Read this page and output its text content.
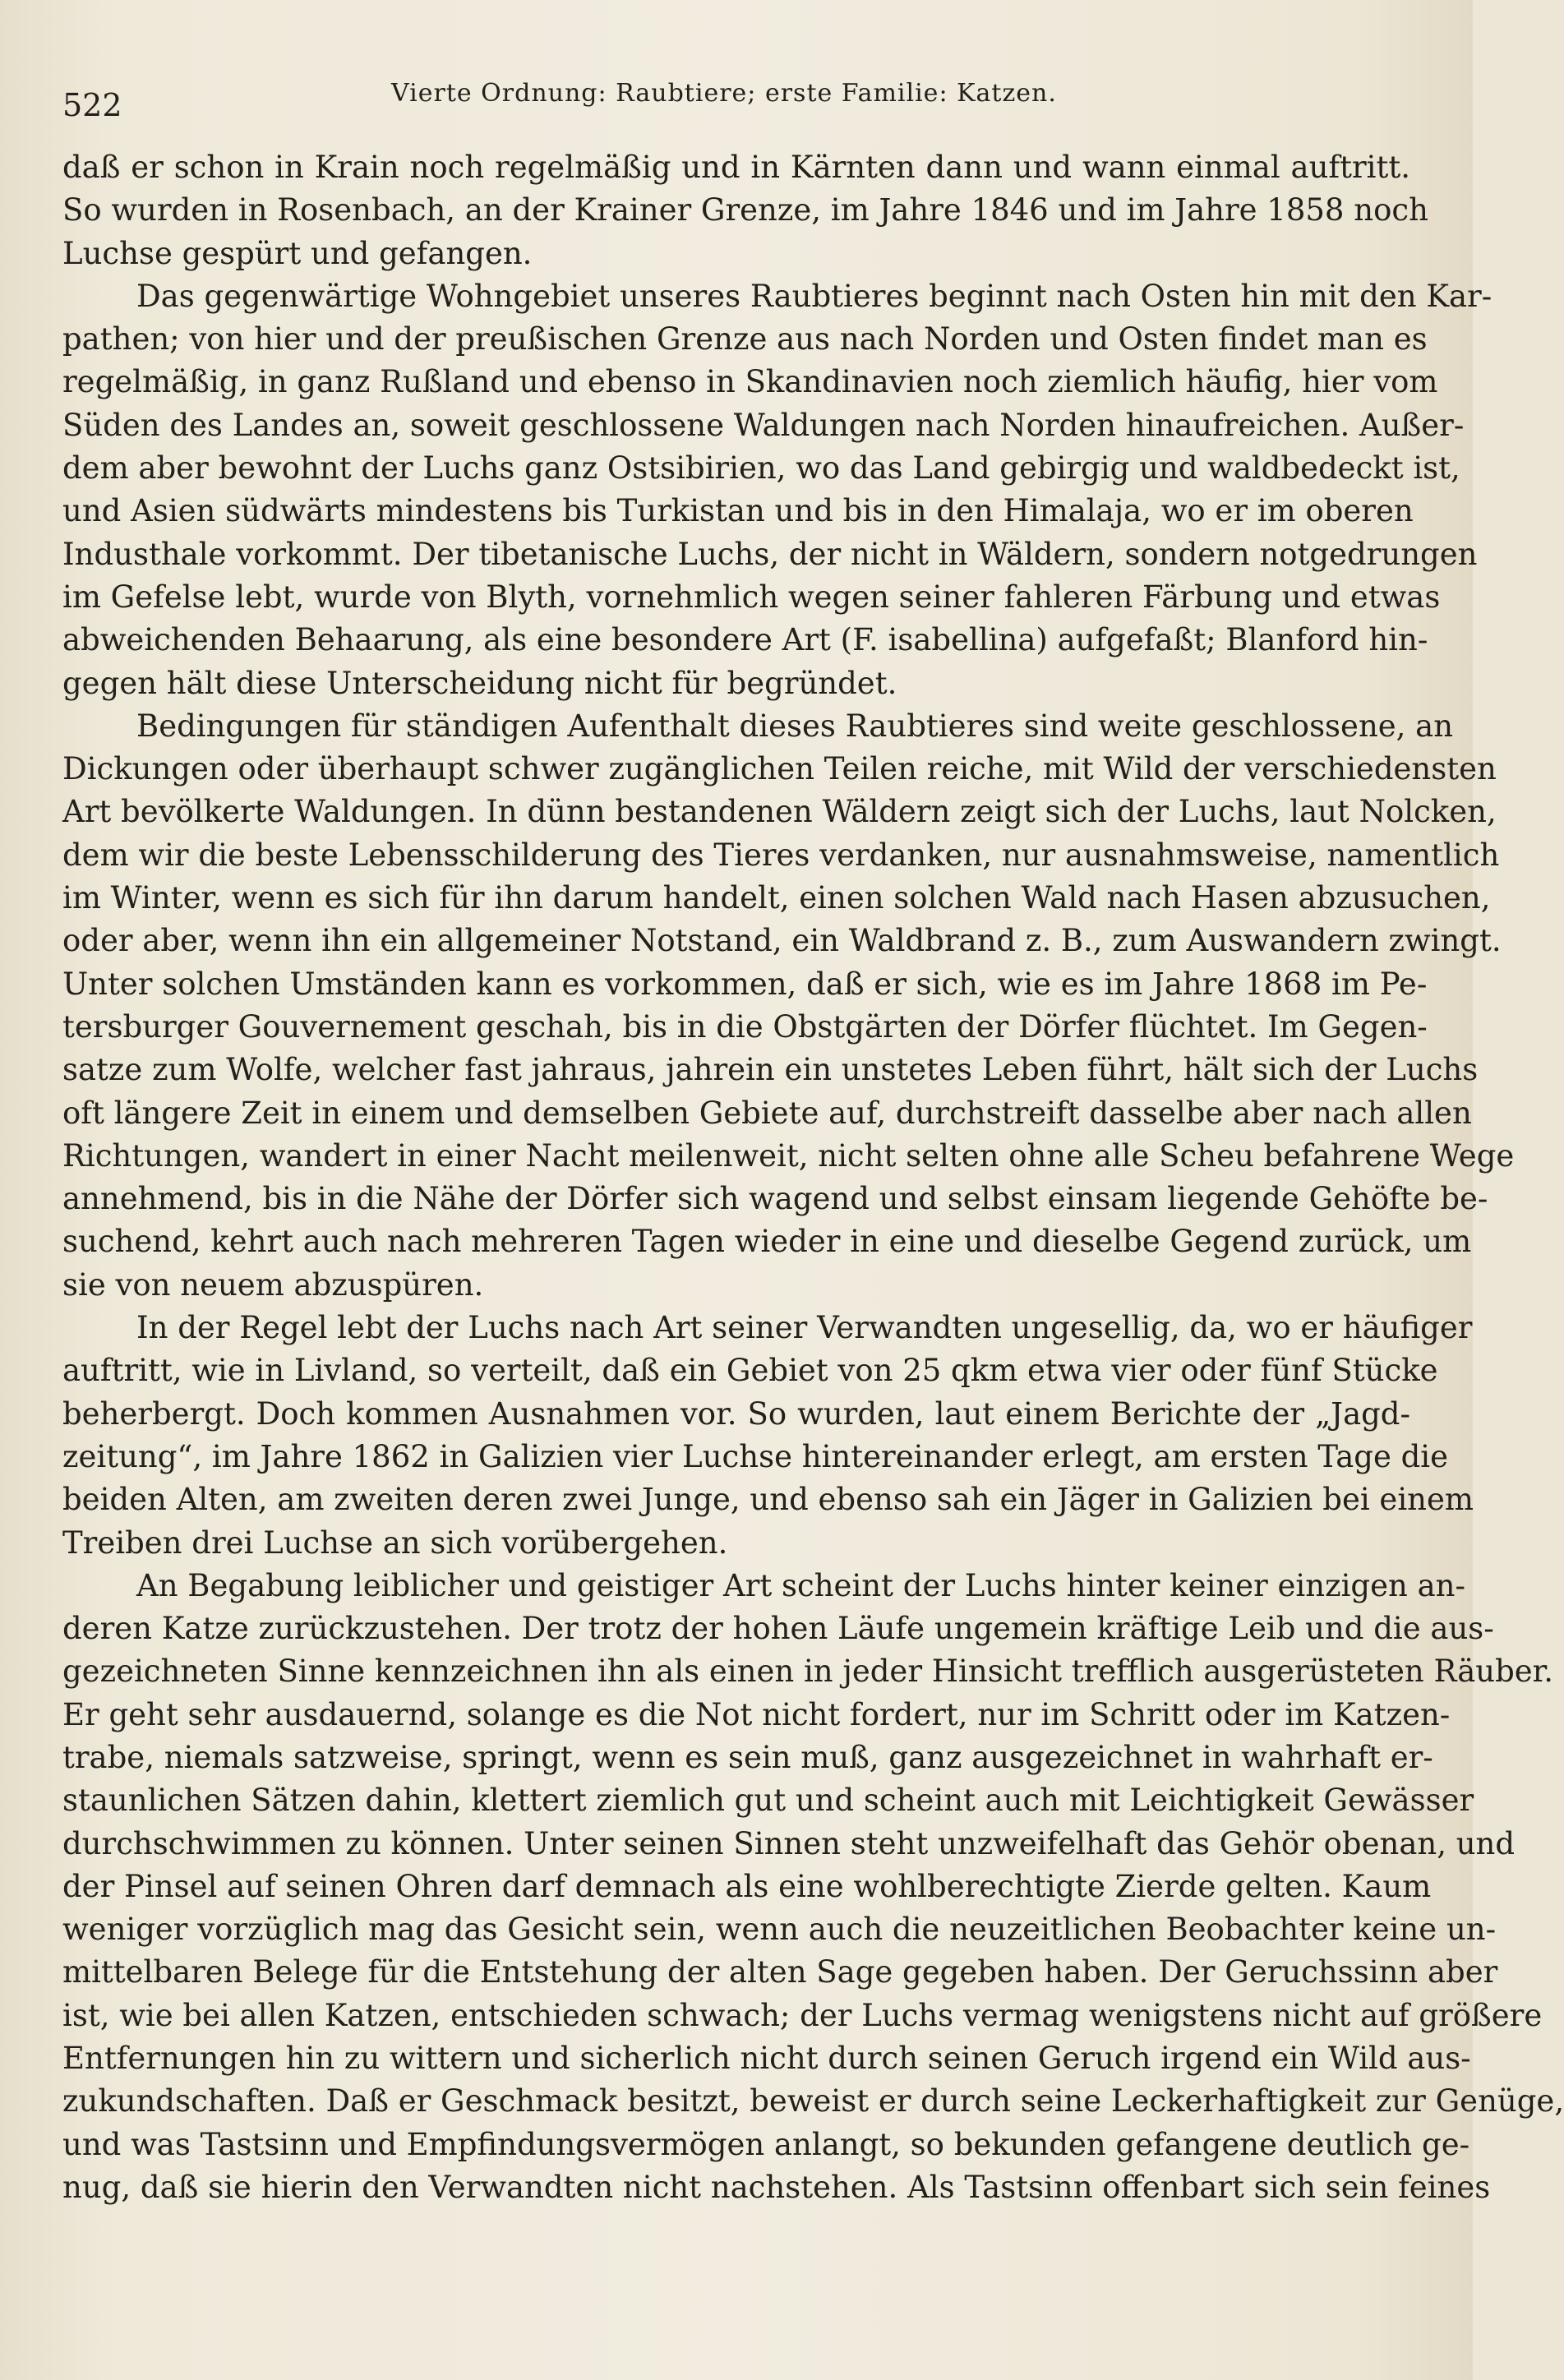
522	Vierte Ordnung: Raubtiere; erste Familie: Katzen.
daß er schon in Krain noch regelmäßig und in Kärnten dann und wann einmal auftritt.
So wurden in Rosenbach, an der Krainer Grenze, im Jahre 1846 und im Jahre 1858 noch
Luchse gespürt und gefangen.
Das gegenwärtige Wohngebiet unseres Raubtieres beginnt nach Osten hin mit den Kar-
pathen; von hier und der preußischen Grenze aus nach Norden und Osten findet man es
regelmäßig, in ganz Rußland und ebenso in Skandinavien noch ziemlich häufig, hier vom
Süden des Landes an, soweit geschlossene Waldungen nach Norden hinaufreichen. Außer-
dem aber bewohnt der Luchs ganz Ostsibirien, wo das Land gebirgig und waldbedeckt ist,
und Asien südwärts mindestens bis Turkistan und bis in den Himalaja, wo er im oberen
Industhale vorkommt. Der tibetanische Luchs, der nicht in Wäldern, sondern notgedrungen
im Gefelse lebt, wurde von Blyth, vornehmlich wegen seiner fahleren Färbung und etwas
abweichenden Behaarung, als eine besondere Art (F. isabellina) aufgefaßt; Blanford hin-
gegen hält diese Unterscheidung nicht für begründet.
Bedingungen für ständigen Aufenthalt dieses Raubtieres sind weite geschlossene, an
Dickungen oder überhaupt schwer zugänglichen Teilen reiche, mit Wild der verschiedensten
Art bevölkerte Waldungen. In dünn bestandenen Wäldern zeigt sich der Luchs, laut Nolcken,
dem wir die beste Lebensschilderung des Tieres verdanken, nur ausnahmsweise, namentlich
im Winter, wenn es sich für ihn darum handelt, einen solchen Wald nach Hasen abzusuchen,
oder aber, wenn ihn ein allgemeiner Notstand, ein Waldbrand z. B., zum Auswandern zwingt.
Unter solchen Umständen kann es vorkommen, daß er sich, wie es im Jahre 1868 im Pe-
tersburger Gouvernement geschah, bis in die Obstgärten der Dörfer flüchtet. Im Gegen-
satze zum Wolfe, welcher fast jahraus, jahrein ein unstetes Leben führt, hält sich der Luchs
oft längere Zeit in einem und demselben Gebiete auf, durchstreift dasselbe aber nach allen
Richtungen, wandert in einer Nacht meilenweit, nicht selten ohne alle Scheu befahrene Wege
annehmend, bis in die Nähe der Dörfer sich wagend und selbst einsam liegende Gehöfte be-
suchend, kehrt auch nach mehreren Tagen wieder in eine und dieselbe Gegend zurück, um
sie von neuem abzuspüren.
In der Regel lebt der Luchs nach Art seiner Verwandten ungesellig, da, wo er häufiger
auftritt, wie in Livland, so verteilt, daß ein Gebiet von 25 qkm etwa vier oder fünf Stücke
beherbergt. Doch kommen Ausnahmen vor. So wurden, laut einem Berichte der „Jagd-
zeitung“, im Jahre 1862 in Galizien vier Luchse hintereinander erlegt, am ersten Tage die
beiden Alten, am zweiten deren zwei Junge, und ebenso sah ein Jäger in Galizien bei einem
Treiben drei Luchse an sich vorübergehen.
An Begabung leiblicher und geistiger Art scheint der Luchs hinter keiner einzigen an-
deren Katze zurückzustehen. Der trotz der hohen Läufe ungemein kräftige Leib und die aus-
gezeichneten Sinne kennzeichnen ihn als einen in jeder Hinsicht trefflich ausgerüsteten Räuber.
Er geht sehr ausdauernd, solange es die Not nicht fordert, nur im Schritt oder im Katzen-
trabe, niemals satzweise, springt, wenn es sein muß, ganz ausgezeichnet in wahrhaft er-
staunlichen Sätzen dahin, klettert ziemlich gut und scheint auch mit Leichtigkeit Gewässer
durchschwimmen zu können. Unter seinen Sinnen steht unzweifelhaft das Gehör obenan, und
der Pinsel auf seinen Ohren darf demnach als eine wohlberechtigte Zierde gelten. Kaum
weniger vorzüglich mag das Gesicht sein, wenn auch die neuzeitlichen Beobachter keine un-
mittelbaren Belege für die Entstehung der alten Sage gegeben haben. Der Geruchssinn aber
ist, wie bei allen Katzen, entschieden schwach; der Luchs vermag wenigstens nicht auf größere
Entfernungen hin zu wittern und sicherlich nicht durch seinen Geruch irgend ein Wild aus-
zukundschaften. Daß er Geschmack besitzt, beweist er durch seine Leckerhaftigkeit zur Genüge,
und was Tastsinn und Empfindungsvermögen anlangt, so bekunden gefangene deutlich ge-
nug, daß sie hierin den Verwandten nicht nachstehen. Als Tastsinn offenbart sich sein feines
